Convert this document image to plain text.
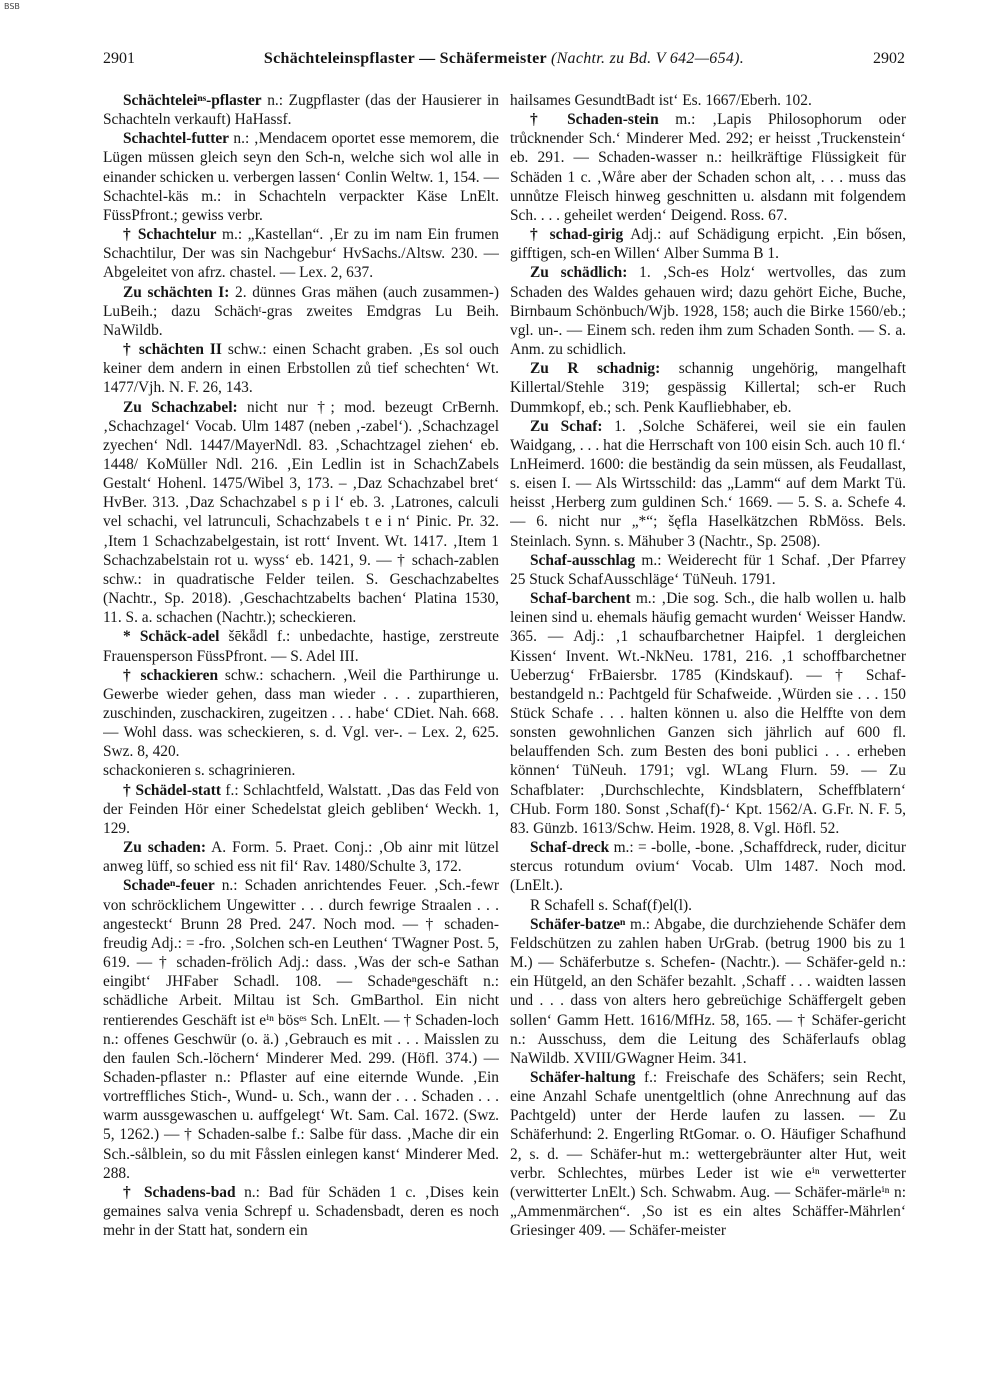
BSB
2901	Schächteleinspflaster — Schäfermeister (Nachtr. zu Bd. V 642—654).	2902

Schächteleiⁿˢ-pflaster n.: Zugpflaster (das der Hausierer in Schachteln verkauft) HaHassf.

Schachtel-futter n.: ‚Mendacem oportet esse memorem, die Lügen müssen gleich seyn den Sch-n, welche sich wol alle in einander schicken u. verbergen lassen‘ Conlin Weltw. 1, 154. — Schachtel-käs m.: in Schachteln verpackter Käse LnElt. FüssPfront.; gewiss verbr.

† Schachtelur m.: „Kastellan“. ‚Er zu im nam Ein frumen Schachtilur, Der was sin Nachgebur‘ HvSachs./Altsw. 230. — Abgeleitet von afrz. chastel. — Lex. 2, 637.

Zu schächten I: 2. dünnes Gras mähen (auch zusammen-) LuBeih.; dazu Schächᵗ-gras zweites Emdgras Lu Beih. NaWildb.

† schächten II schw.: einen Schacht graben. ‚Es sol ouch keiner dem andern in einen Erbstollen zů tief schechten‘ Wt. 1477/Vjh. N. F. 26, 143.

Zu Schachzabel: nicht nur †; mod. bezeugt CrBernh. ‚Schachzagel‘ Vocab. Ulm 1487 (neben ‚-zabel‘). ‚Schachzagel zyechen‘ Ndl. 1447/MayerNdl. 83. ‚Schachtzagel ziehen‘ eb. 1448/ KoMüller Ndl. 216. ‚Ein Ledlin ist in SchachZabels Gestalt‘ Hohenl. 1475/Wibel 3, 173. – ‚Daz Schachzabel bret‘ HvBer. 313. ‚Daz Schachzabel s p i l‘ eb. 3. ‚Latrones, calculi vel schachi, vel latrunculi, Schachzabels t e i n‘ Pinic. Pr. 32. ‚Item 1 Schachzabelgestain, ist rott‘ Invent. Wt. 1417. ‚Item 1 Schachzabelstain rot u. wyss‘ eb. 1421, 9. — † schach-zablen schw.: in quadratische Felder teilen. S. Geschachzabeltes (Nachtr., Sp. 2018). ‚Geschachtzabelts bachen‘ Platina 1530, 11. S. a. schachen (Nachtr.); scheckieren.

* Schäck-adel šēkǟdl f.: unbedachte, hastige, zerstreute Frauensperson FüssPfront. — S. Adel III.

† schackieren schw.: schachern. ‚Weil die Parthirunge u. Gewerbe wieder gehen, dass man wieder . . . zuparthieren, zuschinden, zuschackiren, zugeitzen . . . habe‘ CDiet. Nah. 668. — Wohl dass. was scheckieren, s. d. Vgl. ver-. – Lex. 2, 625. Swz. 8, 420.

schackonieren s. schagrinieren.

† Schädel-statt f.: Schlachtfeld, Walstatt. ‚Das das Feld von der Feinden Hör einer Schedelstat gleich gebliben‘ Weckh. 1, 129.

Zu schaden: A. Form. 5. Praet. Conj.: ‚Ob ainr mit lützel anweg lüff, so schied ess nit fil‘ Rav. 1480/Schulte 3, 172.

Schadeⁿ-feuer n.: Schaden anrichtendes Feuer. ‚Sch.-fewr von schröcklichem Ungewitter . . . durch fewrige Straalen . . . angesteckt‘ Brunn 28 Pred. 247. Noch mod. — † schaden-freudig Adj.: = -fro. ‚Solchen sch-en Leuthen‘ TWagner Post. 5, 619. — † schaden-frölich Adj.: dass. ‚Was der sch-e Sathan eingibt‘ JHFaber Schadl. 108. — Schadeⁿgeschäft n.: schädliche Arbeit. Miltau ist Sch. GmBarthol. Ein nicht rentierendes Geschäft ist eⁱⁿ bösᵉˢ Sch. LnElt. — † Schaden-loch n.: offenes Geschwür (o. ä.) ‚Gebrauch es mit . . . Maisslen zu den faulen Sch.-löchern‘ Minderer Med. 299. (Höfl. 374.) — Schaden-pflaster n.: Pflaster auf eine eiternde Wunde. ‚Ein vortreffliches Stich-, Wund- u. Sch., wann der . . . Schaden . . . warm aussgewaschen u. auffgelegt‘ Wt. Sam. Cal. 1672. (Swz. 5, 1262.) — † Schaden-salbe f.: Salbe für dass. ‚Mache dir ein Sch.-sålblein, so du mit Fåsslen einlegen kanst‘ Minderer Med. 288.

† Schadens-bad n.: Bad für Schäden 1 c. ‚Dises kein gemaines salva venia Schrepf u. Schadensbadt, deren es noch mehr in der Statt hat, sondern ein

hailsames GesundtBadt ist‘ Es. 1667/Eberh. 102.

† Schaden-stein m.: ‚Lapis Philosophorum oder trůcknender Sch.‘ Minderer Med. 292; er heisst ‚Truckenstein‘ eb. 291. — Schaden-wasser n.: heilkräftige Flüssigkeit für Schäden 1 c. ‚Wåre aber der Schaden schon alt, . . . muss das unnůtze Fleisch hinweg geschnitten u. alsdann mit folgendem Sch. . . . geheilet werden‘ Deigend. Ross. 67.

† schad-girig Adj.: auf Schädigung erpicht. ‚Ein bősen, gifftigen, sch-en Willen‘ Alber Summa B 1.

Zu schädlich: 1. ‚Sch-es Holz‘ wertvolles, das zum Schaden des Waldes gehauen wird; dazu gehört Eiche, Buche, Birnbaum Schönbuch/Wjb. 1928, 158; auch die Birke 1560/eb.; vgl. un-. — Einem sch. reden ihm zum Schaden Sonth. — S. a. Anm. zu schidlich.

Zu R schadnig: schannig ungehörig, mangelhaft Killertal/Stehle 319; gespässig Killertal; sch-er Ruch Dummkopf, eb.; sch. Penk Kaufliebhaber, eb.

Zu Schaf: 1. ‚Solche Schäferei, weil sie ein faulen Waidgang, . . . hat die Herrschaft von 100 eisin Sch. auch 10 fl.‘ LnHeimerd. 1600: die beständig da sein müssen, als Feudallast, s. eisen I. — Als Wirtsschild: das „Lamm“ auf dem Markt Tü. heisst ‚Herberg zum guldinen Sch.‘ 1669. — 5. S. a. Schefe 4. — 6. nicht nur „*“; šęfla Haselkätzchen RbMöss. Bels. Steinlach. Synn. s. Mähuber 3 (Nachtr., Sp. 2508).

Schaf-ausschlag m.: Weiderecht für 1 Schaf. ‚Der Pfarrey 25 Stuck SchafAusschläge‘ TüNeuh. 1791.

Schaf-barchent m.: ‚Die sog. Sch., die halb wollen u. halb leinen sind u. ehemals häufig gemacht wurden‘ Weisser Handw. 365. — Adj.: ‚1 schaufbarchetner Haipfel. 1 dergleichen Kissen‘ Invent. Wt.-NkNeu. 1781, 216. ‚1 schoffbarchetner Ueberzug‘ FrBaiersbr. 1785 (Kindskauf). — † Schaf-bestandgeld n.: Pachtgeld für Schafweide. ‚Würden sie . . . 150 Stück Schafe . . . halten können u. also die Helffte von dem sonsten gewohnlichen Ganzen sich jährlich auf 600 fl. belauffenden Sch. zum Besten des boni publici . . . erheben können‘ TüNeuh. 1791; vgl. WLang Flurn. 59. — Zu Schafblater: ‚Durchschlechte, Kindsblatern, Scheffblatern‘ CHub. Form 180. Sonst ‚Schaf(f)-‘ Kpt. 1562/A. G.Fr. N. F. 5, 83. Günzb. 1613/Schw. Heim. 1928, 8. Vgl. Höfl. 52.

Schaf-dreck m.: = -bolle, -bone. ‚Schaffdreck, ruder, dicitur stercus rotundum ovium‘ Vocab. Ulm 1487. Noch mod. (LnElt.).

R Schafell s. Schaf(f)el(l).

Schäfer-batzeⁿ m.: Abgabe, die durchziehende Schäfer dem Feldschützen zu zahlen haben UrGrab. (betrug 1900 bis zu 1 M.) — Schäferbutze s. Schefen- (Nachtr.). — Schäfer-geld n.: ein Hütgeld, an den Schäfer bezahlt. ‚Schaff . . . waidten lassen und . . . dass von alters hero gebreüchige Schäffergelt geben sollen‘ Gamm Hett. 1616/MfHz. 58, 165. — † Schäfer-gericht n.: Ausschuss, dem die Leitung des Schäferlaufs oblag NaWildb. XVIII/GWagner Heim. 341.

Schäfer-haltung f.: Freischafe des Schäfers; sein Recht, eine Anzahl Schafe unentgeltlich (ohne Anrechnung auf das Pachtgeld) unter der Herde laufen zu lassen. — Zu Schäferhund: 2. Engerling RtGomar. o. O. Häufiger Schafhund 2, s. d. — Schäfer-hut m.: wettergebräunter alter Hut, weit verbr. Schlechtes, mürbes Leder ist wie eⁱⁿ verwetterter (verwitterter LnElt.) Sch. Schwabm. Aug. — Schäfer-märleⁱⁿ n: „Ammenmärchen“. ‚So ist es ein altes Schäffer-Mährlen‘ Griesinger 409. — Schäfer-meister
